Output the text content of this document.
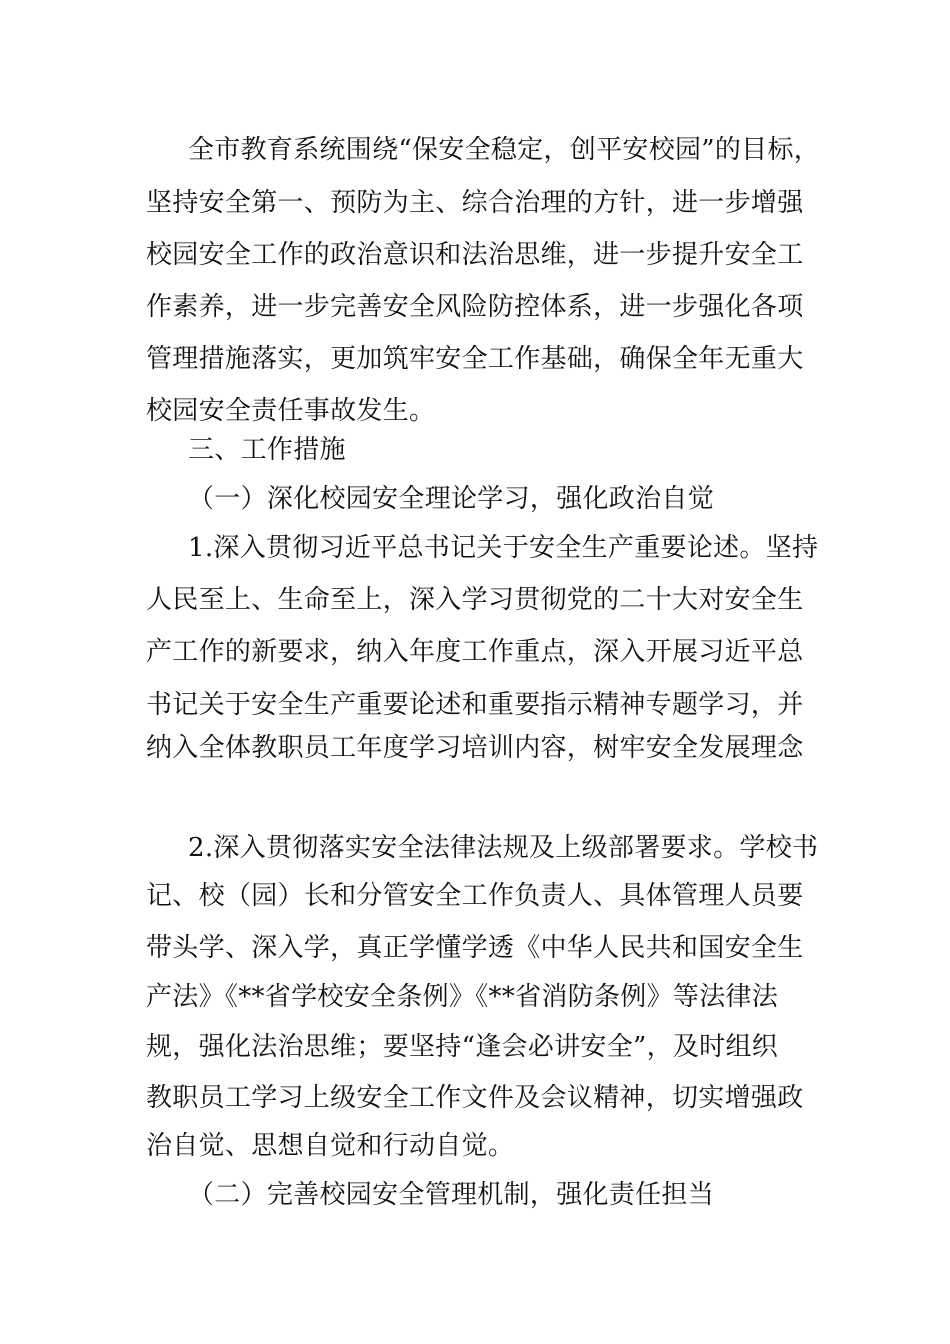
全市教育系统围绕“保安全稳定，创平安校园”的目标，
坚持安全第一、预防为主、综合治理的方针，进一步增强
校园安全工作的政治意识和法治思维，进一步提升安全工
作素养，进一步完善安全风险防控体系，进一步强化各项
管理措施落实，更加筑牢安全工作基础，确保全年无重大
校园安全责任事故发生。
三、工作措施
（一）深化校园安全理论学习，强化政治自觉
1.深入贯彻习近平总书记关于安全生产重要论述。坚持
人民至上、生命至上，深入学习贯彻党的二十大对安全生
产工作的新要求，纳入年度工作重点，深入开展习近平总
书记关于安全生产重要论述和重要指示精神专题学习，并
纳入全体教职员工年度学习培训内容，树牢安全发展理念
2.深入贯彻落实安全法律法规及上级部署要求。学校书
记、校（园）长和分管安全工作负责人、具体管理人员要
带头学、深入学，真正学懂学透《中华人民共和国安全生
产法》《**省学校安全条例》《**省消防条例》等法律法
规，强化法治思维；要坚持“逢会必讲安全”，及时组织
教职员工学习上级安全工作文件及会议精神，切实增强政
治自觉、思想自觉和行动自觉。
（二）完善校园安全管理机制，强化责任担当
